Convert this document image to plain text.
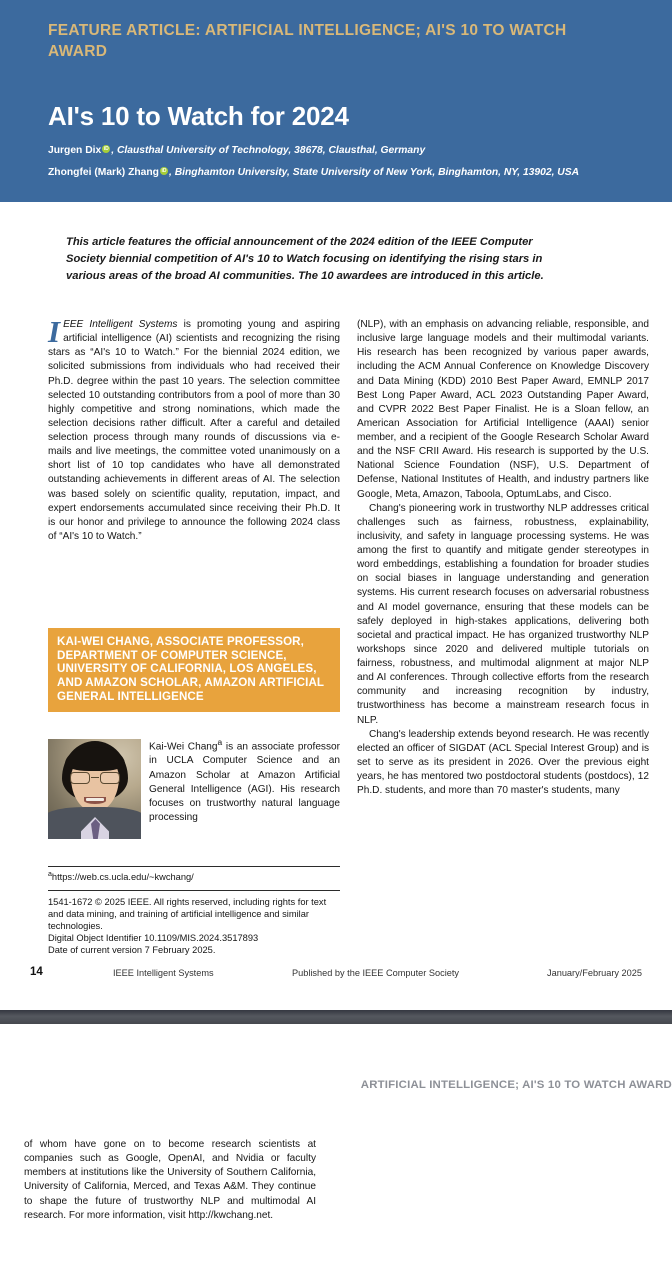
FEATURE ARTICLE: ARTIFICIAL INTELLIGENCE; AI'S 10 TO WATCH AWARD
AI's 10 to Watch for 2024
Jurgen Dix iD , Clausthal University of Technology, 38678, Clausthal, Germany
Zhongfei (Mark) Zhang iD , Binghamton University, State University of New York, Binghamton, NY, 13902, USA
This article features the official announcement of the 2024 edition of the IEEE Computer Society biennial competition of AI's 10 to Watch focusing on identifying the rising stars in various areas of the broad AI communities. The 10 awardees are introduced in this article.

IEEE Intelligent Systems is promoting young and aspiring artificial intelligence (AI) scientists and recognizing the rising stars as “AI's 10 to Watch.” For the biennial 2024 edition, we solicited submissions from individuals who had received their Ph.D. degree within the past 10 years. The selection committee selected 10 outstanding contributors from a pool of more than 30 highly competitive and strong nominations, which made the selection decisions rather difficult. After a careful and detailed selection process through many rounds of discussions via e-mails and live meetings, the committee voted unanimously on a short list of 10 top candidates who have all demonstrated outstanding achievements in different areas of AI. The selection was based solely on scientific quality, reputation, impact, and expert endorsements accumulated since receiving their Ph.D. It is our honor and privilege to announce the following 2024 class of “AI's 10 to Watch.”

KAI-WEI CHANG, ASSOCIATE PROFESSOR, DEPARTMENT OF COMPUTER SCIENCE, UNIVERSITY OF CALIFORNIA, LOS ANGELES, AND AMAZON SCHOLAR, AMAZON ARTIFICIAL GENERAL INTELLIGENCE
Kai-Wei Chang$^a$ is an associate professor in UCLA Computer Science and an Amazon Scholar at Amazon Artificial General Intelligence (AGI). His research focuses on trustworthy natural language processing
$^a$https://web.cs.ucla.edu/~kwchang/
1541-1672 © 2025 IEEE. All rights reserved, including rights for text and data mining, and training of artificial intelligence and similar technologies.
Digital Object Identifier 10.1109/MIS.2024.3517893
Date of current version 7 February 2025.

(NLP), with an emphasis on advancing reliable, responsible, and inclusive large language models and their multimodal variants. His research has been recognized by various paper awards, including the ACM Annual Conference on Knowledge Discovery and Data Mining (KDD) 2010 Best Paper Award, EMNLP 2017 Best Long Paper Award, ACL 2023 Outstanding Paper Award, and CVPR 2022 Best Paper Finalist. He is a Sloan fellow, an American Association for Artificial Intelligence (AAAI) senior member, and a recipient of the Google Research Scholar Award and the NSF CRII Award. His research is supported by the U.S. National Science Foundation (NSF), U.S. Department of Defense, National Institutes of Health, and industry partners like Google, Meta, Amazon, Taboola, OptumLabs, and Cisco.

Chang's pioneering work in trustworthy NLP addresses critical challenges such as fairness, robustness, explainability, inclusivity, and safety in language processing systems. He was among the first to quantify and mitigate gender stereotypes in word embeddings, establishing a foundation for broader studies on social biases in language understanding and generation systems. His current research focuses on adversarial robustness and AI model governance, ensuring that these models can be safely deployed in high-stakes applications, delivering both societal and practical impact. He has organized trustworthy NLP workshops since 2020 and delivered multiple tutorials on fairness, robustness, and multimodal alignment at major NLP and AI conferences. Through collective efforts from the research community and increasing recognition by industry, trustworthiness has become a mainstream research focus in NLP.

Chang's leadership extends beyond research. He was recently elected an officer of SIGDAT (ACL Special Interest Group) and is set to serve as its president in 2026. Over the previous eight years, he has mentored two postdoctoral students (postdocs), 12 Ph.D. students, and more than 70 master's students, many

14	IEEE Intelligent Systems	Published by the IEEE Computer Society	January/February 2025
ARTIFICIAL INTELLIGENCE; AI'S 10 TO WATCH AWARD

of whom have gone on to become research scientists at companies such as Google, OpenAI, and Nvidia or faculty members at institutions like the University of Southern California, University of California, Merced, and Texas A&M. They continue to shape the future of trustworthy NLP and multimodal AI research. For more information, visit http://kwchang.net.
